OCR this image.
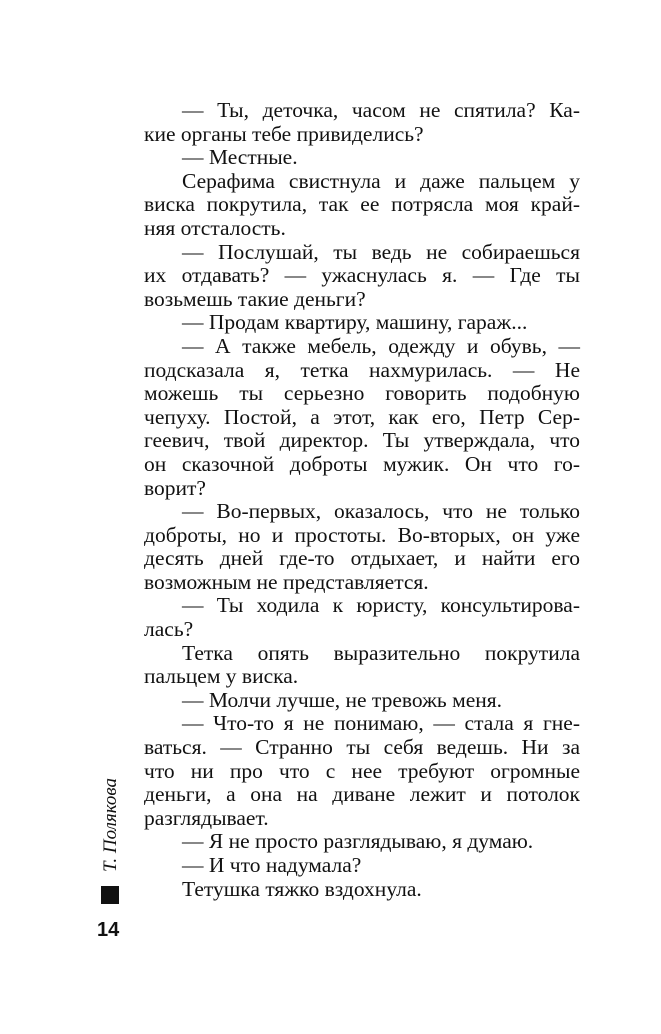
— Ты, деточка, часом не спятила? Ка-
кие органы тебе привиделись?
— Местные.
Серафима свистнула и даже пальцем у
виска покрутила, так ее потрясла моя край-
няя отсталость.
— Послушай, ты ведь не собираешься
их отдавать? — ужаснулась я. — Где ты
возьмешь такие деньги?
— Продам квартиру, машину, гараж...
— А также мебель, одежду и обувь, —
подсказала я, тетка нахмурилась. — Не
можешь ты серьезно говорить подобную
чепуху. Постой, а этот, как его, Петр Сер-
геевич, твой директор. Ты утверждала, что
он сказочной доброты мужик. Он что го-
ворит?
— Во-первых, оказалось, что не только
доброты, но и простоты. Во-вторых, он уже
десять дней где-то отдыхает, и найти его
возможным не представляется.
— Ты ходила к юристу, консультирова-
лась?
Тетка опять выразительно покрутила
пальцем у виска.
— Молчи лучше, не тревожь меня.
— Что-то я не понимаю, — стала я гне-
ваться. — Странно ты себя ведешь. Ни за
что ни про что с нее требуют огромные
деньги, а она на диване лежит и потолок
разглядывает.
— Я не просто разглядываю, я думаю.
— И что надумала?
Тетушка тяжко вздохнула.
Т. Полякова
14
